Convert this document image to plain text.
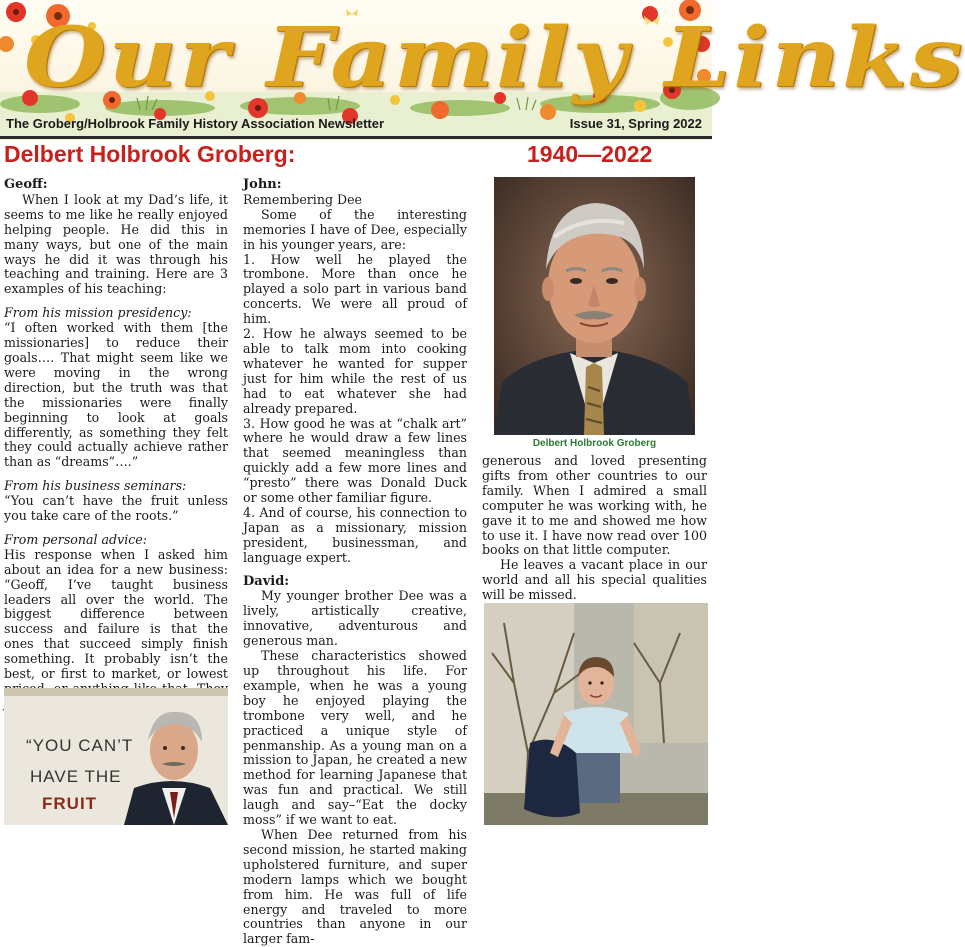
Our Family Links
The Groberg/Holbrook Family History Association Newsletter	Issue 31, Spring 2022
Delbert Holbrook Groberg:	1940—2022

Geoff:

When I look at my Dad’s life, it seems to me like he really enjoyed helping people. He did this in many ways, but one of the main ways he did it was through his teaching and training. Here are 3 examples of his teaching:

From his mission presidency:

“I often worked with them [the missionaries] to reduce their goals…. That might seem like we were moving in the wrong direction, but the truth was that the missionaries were finally beginning to look at goals differently, as something they felt they could actually achieve rather than as “dreams”….”

From his business seminars:

“You can’t have the fruit unless you take care of the roots.”

From personal advice:

His response when I asked him about an idea for a new business: “Geoff, I’ve taught business leaders all over the world. The biggest difference between success and failure is that the ones that succeed simply finish something. It probably isn’t the best, or first to market, or lowest

“YOU CAN’T
HAVE THE
FRUIT

John:

Remembering Dee

Some of the interesting memories I have of Dee, especially in his younger years, are:

1. How well he played the trombone. More than once he played a solo part in various band concerts. We were all proud of him.

2. How he always seemed to be able to talk mom into cooking whatever he wanted for supper just for him while the rest of us had to eat whatever she had already prepared.

3. How good he was at “chalk art” where he would draw a few lines that seemed meaningless than quickly add a few more lines and “presto” there was Donald Duck or some other familiar figure.

4. And of course, his connection to Japan as a missionary, mission president, businessman, and language expert.

David:

My younger brother Dee was a lively, artistically creative, innovative, adventurous and generous man.

These characteristics showed up throughout his life. For example, when he was a young boy he enjoyed playing the trombone very well, and he practiced a unique style of penmanship. As a young man on a mission to Japan, he created a new method for learning Japanese that was fun and practical. We still laugh and say–“Eat the docky moss” if we want to eat.

When Dee returned from his second mission, he started making upholstered furniture, and super modern lamps which we bought from him. He was full of life energy and traveled to more countries than anyone in our larger fam-

Delbert Holbrook Groberg

generous and loved presenting gifts from other countries to our family. When I admired a small computer he was working with, he gave it to me and showed me how to use it. I have now read over 100 books on that little computer.

He leaves a vacant place in our world and all his special qualities will be missed.
